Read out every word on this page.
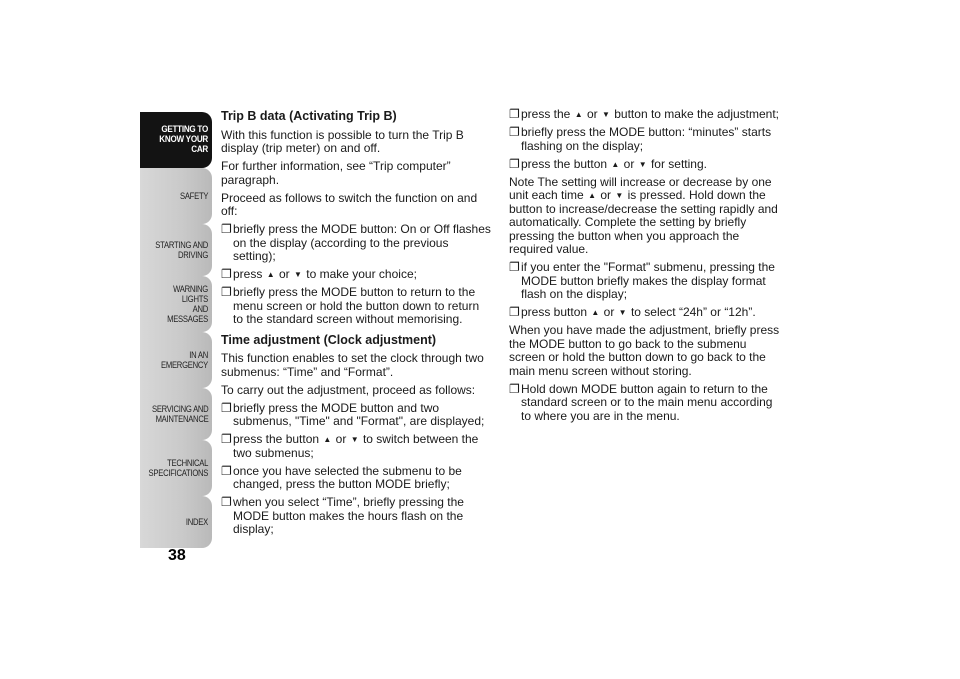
GETTING TO
KNOW YOUR CAR
SAFETY
STARTING AND
DRIVING
WARNING LIGHTS
AND MESSAGES
IN AN EMERGENCY
SERVICING AND
MAINTENANCE
TECHNICAL
SPECIFICATIONS
INDEX
38
Trip B data (Activating Trip B)

With this function is possible to turn the Trip B display (trip meter) on and off.

For further information, see “Trip computer” paragraph.

Proceed as follows to switch the function on and off:

❐ briefly press the MODE button: On or Off flashes on the display (according to the previous setting);
❐ press ▲ or ▼ to make your choice;
❐ briefly press the MODE button to return to the menu screen or hold the button down to return to the standard screen without memorising.
Time adjustment (Clock adjustment)

This function enables to set the clock through two submenus: “Time” and “Format”.

To carry out the adjustment, proceed as follows:

❐ briefly press the MODE button and two submenus, "Time" and "Format", are displayed;
❐ press the button ▲ or ▼ to switch between the two submenus;
❐ once you have selected the submenu to be changed, press the button MODE briefly;
❐ when you select “Time”, briefly pressing the MODE button makes the hours flash on the display;
❐ press the ▲ or ▼ button to make the adjustment;
❐ briefly press the MODE button: “minutes” starts flashing on the display;
❐ press the button ▲ or ▼ for setting.

Note The setting will increase or decrease by one unit each time ▲ or ▼ is pressed. Hold down the button to increase/decrease the setting rapidly and automatically. Complete the setting by briefly pressing the button when you approach the required value.

❐ if you enter the "Format" submenu, pressing the MODE button briefly makes the display format flash on the display;
❐ press button ▲ or ▼ to select “24h” or “12h”.

When you have made the adjustment, briefly press the MODE button to go back to the submenu screen or hold the button down to go back to the main menu screen without storing.

❐ Hold down MODE button again to return to the standard screen or to the main menu according to where you are in the menu.
